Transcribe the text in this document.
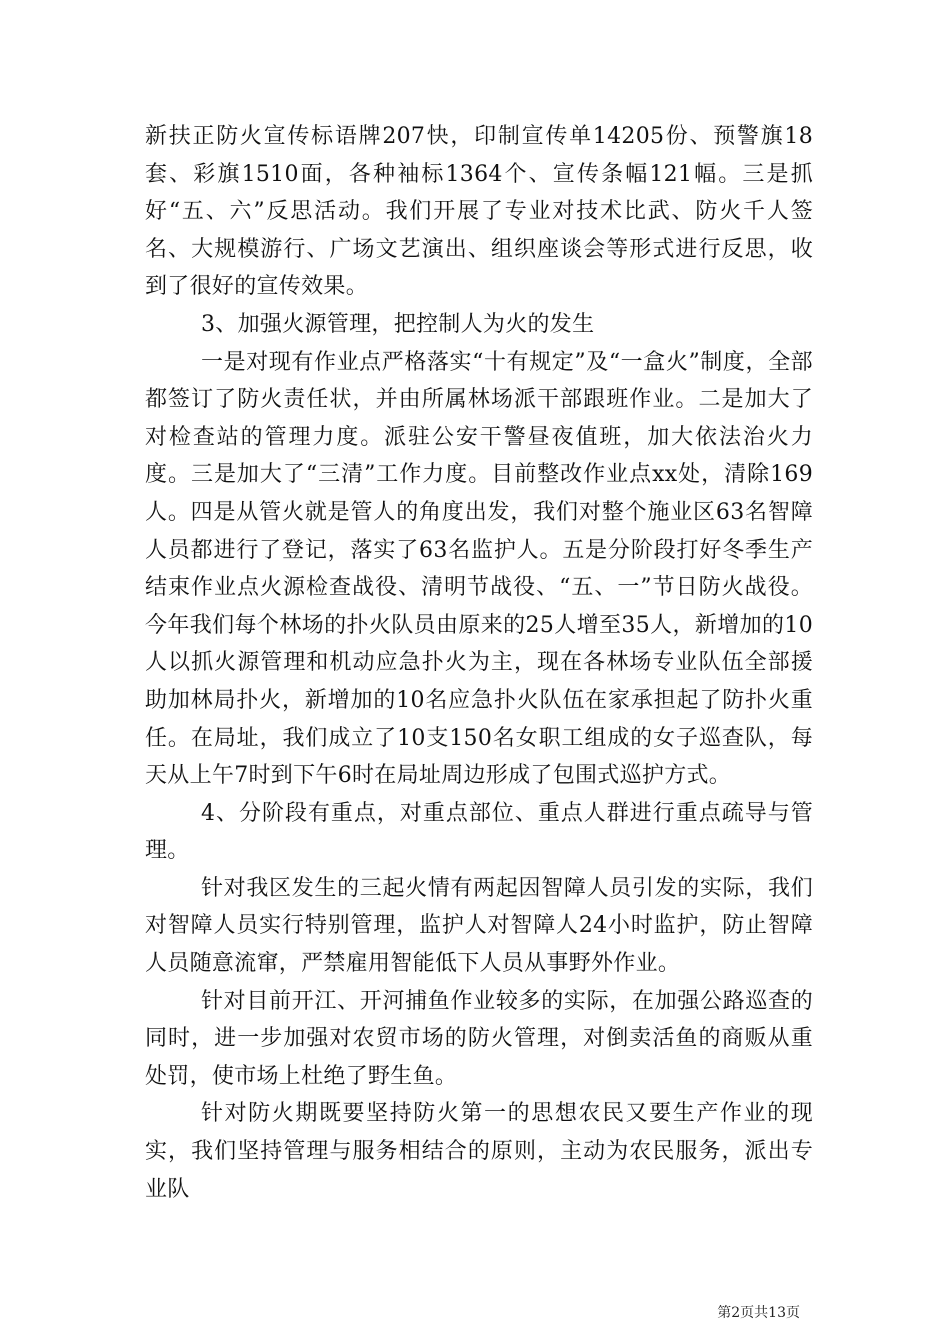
新扶正防火宣传标语牌207快，印制宣传单14205份、预警旗18套、彩旗1510面，各种袖标1364个、宣传条幅121幅。三是抓好“五、六”反思活动。我们开展了专业对技术比武、防火千人签名、大规模游行、广场文艺演出、组织座谈会等形式进行反思，收到了很好的宣传效果。

3、加强火源管理，把控制人为火的发生

一是对现有作业点严格落实“十有规定”及“一盒火”制度，全部都签订了防火责任状，并由所属林场派干部跟班作业。二是加大了对检查站的管理力度。派驻公安干警昼夜值班，加大依法治火力度。三是加大了“三清”工作力度。目前整改作业点xx处，清除169人。四是从管火就是管人的角度出发，我们对整个施业区63名智障人员都进行了登记，落实了63名监护人。五是分阶段打好冬季生产结束作业点火源检查战役、清明节战役、“五、一”节日防火战役。今年我们每个林场的扑火队员由原来的25人增至35人，新增加的10人以抓火源管理和机动应急扑火为主，现在各林场专业队伍全部援助加林局扑火，新增加的10名应急扑火队伍在家承担起了防扑火重任。在局址，我们成立了10支150名女职工组成的女子巡查队，每天从上午7时到下午6时在局址周边形成了包围式巡护方式。

4、分阶段有重点，对重点部位、重点人群进行重点疏导与管理。

针对我区发生的三起火情有两起因智障人员引发的实际，我们对智障人员实行特别管理，监护人对智障人24小时监护，防止智障人员随意流窜，严禁雇用智能低下人员从事野外作业。

针对目前开江、开河捕鱼作业较多的实际，在加强公路巡查的同时，进一步加强对农贸市场的防火管理，对倒卖活鱼的商贩从重处罚，使市场上杜绝了野生鱼。

针对防火期既要坚持防火第一的思想农民又要生产作业的现实，我们坚持管理与服务相结合的原则，主动为农民服务，派出专业队

第2页共13页
